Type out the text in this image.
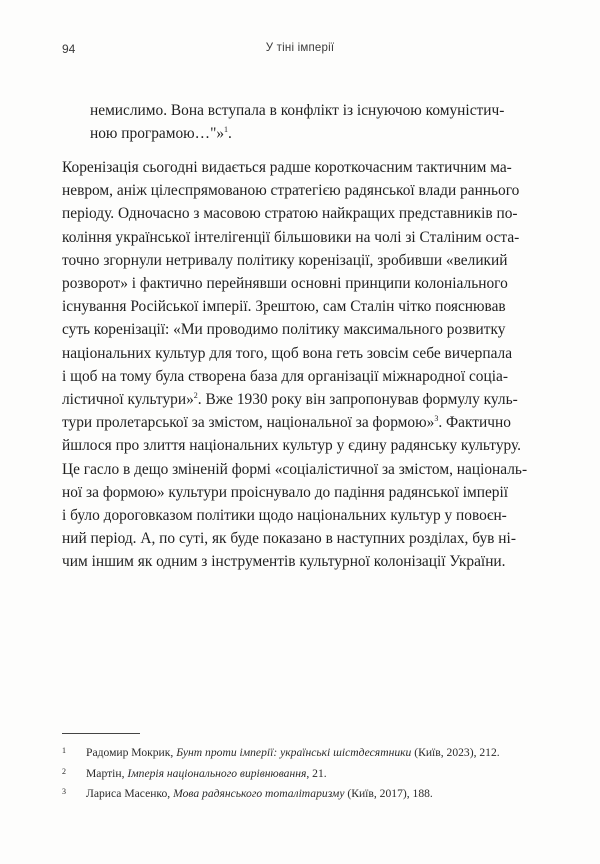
94	У тіні імперії

немислимо. Вона вступала в конфлікт із існуючою комуністич-

ною програмою…"»$^1$.

Коренізація сьогодні видається радше короткочасним тактичним ма-

невром, аніж цілеспрямованою стратегією радянської влади раннього

періоду. Одночасно з масовою стратою найкращих представників по-

коління української інтелігенції більшовики на чолі зі Сталіним оста-

точно згорнули нетривалу політику коренізації, зробивши «великий

розворот» і фактично перейнявши основні принципи колоніального

існування Російської імперії. Зрештою, сам Сталін чітко пояснював

суть коренізації: «Ми проводимо політику максимального розвитку

національних культур для того, щоб вона геть зовсім себе вичерпала

і щоб на тому була створена база для організації міжнародної соціа-

лістичної культури»$^2$. Вже 1930 року він запропонував формулу куль-

тури пролетарської за змістом, національної за формою»$^3$. Фактично

йшлося про злиття національних культур у єдину радянську культуру.

Це гасло в дещо зміненій формі «соціалістичної за змістом, національ-

ної за формою» культури проіснувало до падіння радянської імперії

і було дороговказом політики щодо національних культур у повоєн-

ний період. А, по суті, як буде показано в наступних розділах, був ні-

чим іншим як одним з інструментів культурної колонізації України.

1	Радомир Мокрик, Бунт проти імперії: українські шістдесятники (Київ, 2023), 212.
2	Мартін, Імперія національного вирівнювання, 21.
3	Лариса Масенко, Мова радянського тоталітаризму (Київ, 2017), 188.
